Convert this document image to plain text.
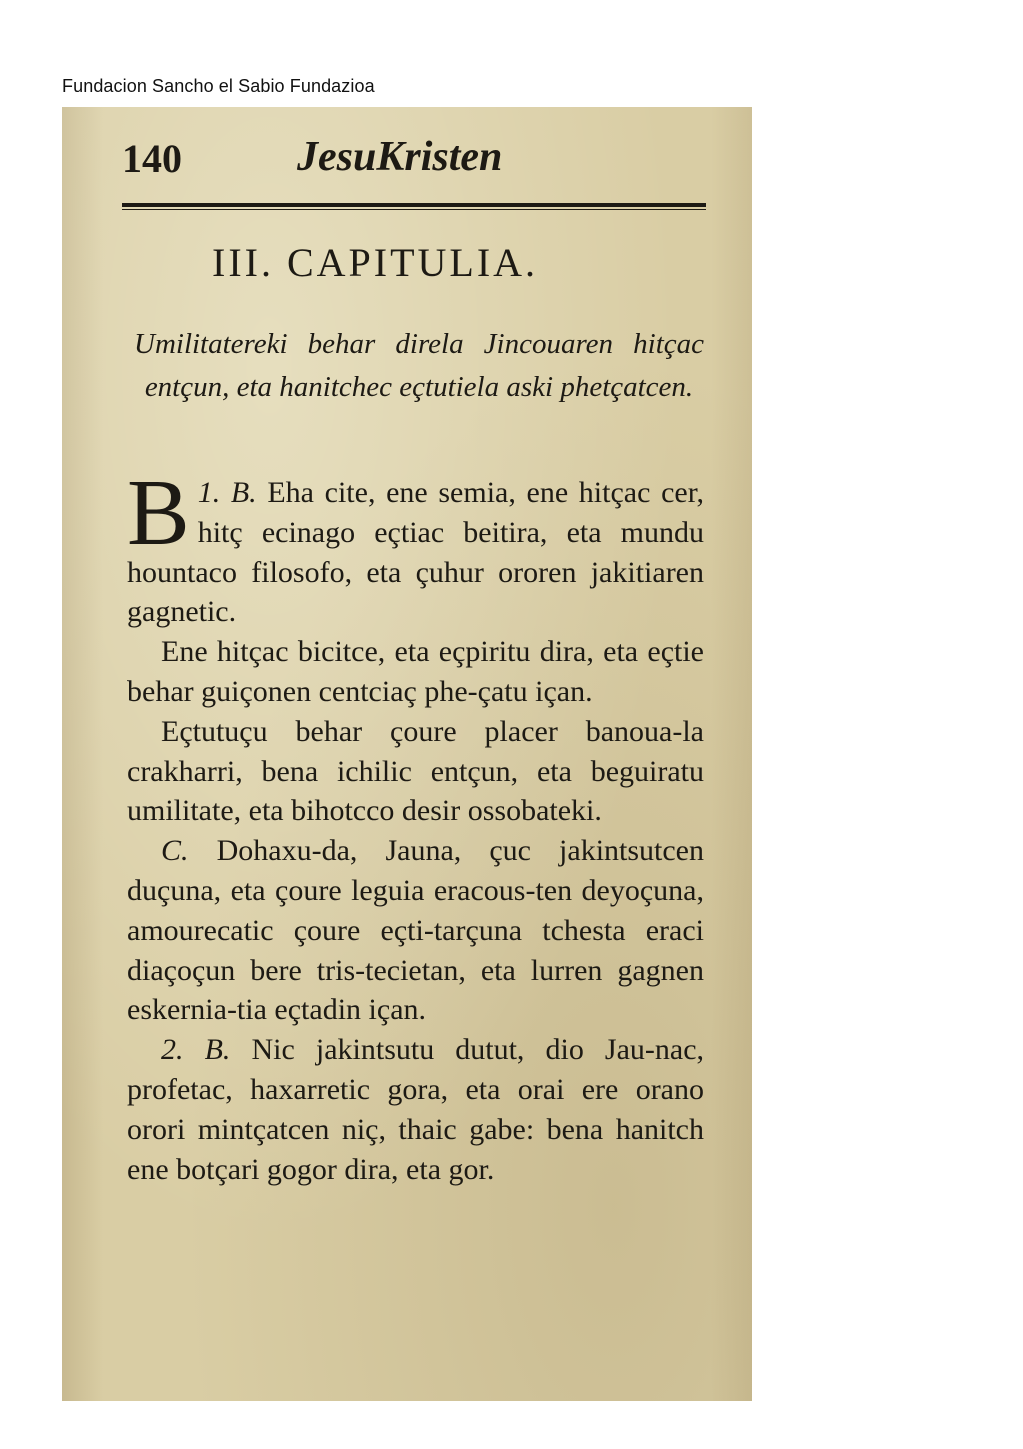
Fundacion Sancho el Sabio Fundazioa
140	JesuKristen
III. CAPITULIA.
Umilitatereki behar direla Jincouaren hitçac entçun, eta hanitchec eçtutiela aski phetçatcen.

1. B.
B	Eha cite, ene semia, ene hitçac cer, hitç ecinago eçtiac beitira, eta mundu hountaco filosofo, eta çuhur ororen jakitiaren gagnetic.

Ene hitçac bicitce, eta eçpiritu dira, eta eçtie behar guiçonen centciaç phe-çatu içan.

Eçtutuçu behar çoure placer banoua-la crakharri, bena ichilic entçun, eta beguiratu umilitate, eta bihotcco desir ossobateki.

C. Dohaxu-da, Jauna, çuc jakintsutcen duçuna, eta çoure leguia eracous-ten deyoçuna, amourecatic çoure eçti-tarçuna tchesta eraci diaçoçun bere tris-tecietan, eta lurren gagnen eskernia-tia eçtadin içan.

2. B. Nic jakintsutu dutut, dio Jau-nac, profetac, haxarretic gora, eta orai ere orano orori mintçatcen niç, thaic gabe: bena hanitch ene botçari gogor dira, eta gor.
